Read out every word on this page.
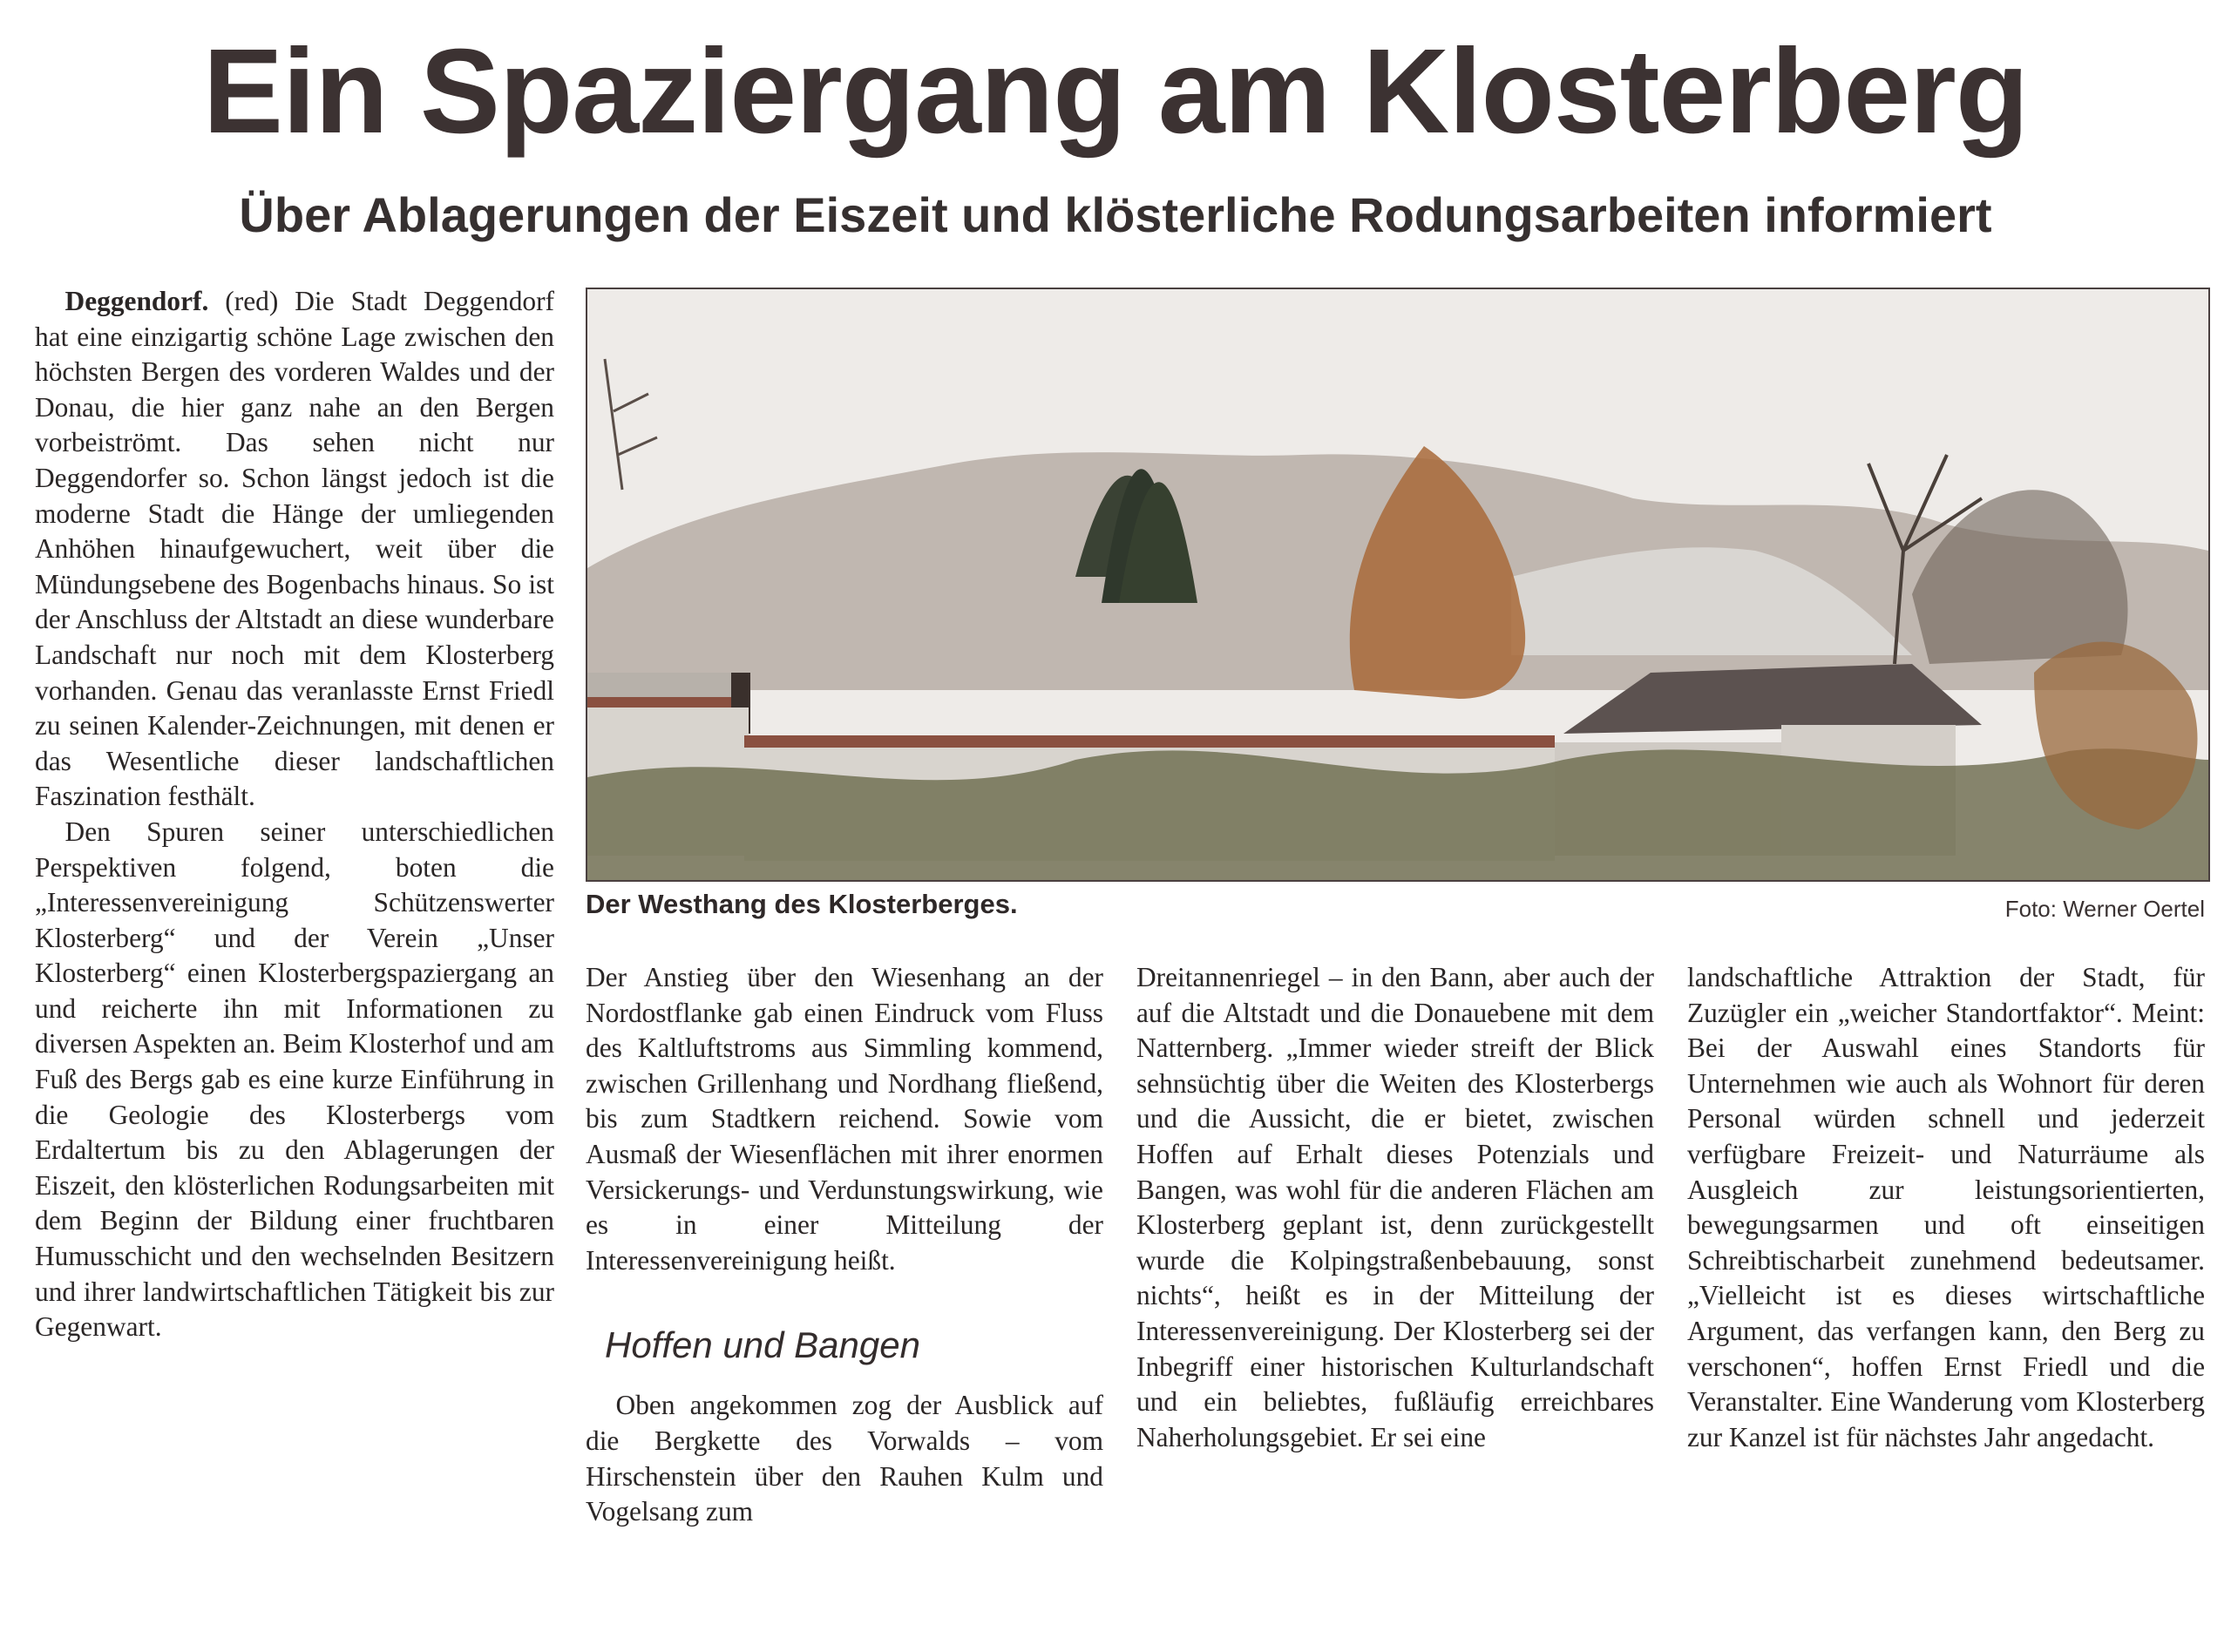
Ein Spaziergang am Klosterberg
Über Ablagerungen der Eiszeit und klösterliche Rodungsarbeiten informiert

Deggendorf. (red) Die Stadt Deggendorf hat eine einzigartig schöne Lage zwischen den höchsten Bergen des vorderen Waldes und der Donau, die hier ganz nahe an den Bergen vorbeiströmt. Das sehen nicht nur Deggendorfer so. Schon längst jedoch ist die moderne Stadt die Hänge der umliegenden Anhöhen hinaufgewuchert, weit über die Mündungsebene des Bogenbachs hinaus. So ist der Anschluss der Altstadt an diese wunderbare Landschaft nur noch mit dem Klosterberg vorhanden. Genau das veranlasste Ernst Friedl zu seinen Kalender-Zeichnungen, mit denen er das Wesentliche dieser landschaftlichen Faszination festhält.

Den Spuren seiner unterschiedlichen Perspektiven folgend, boten die „Interessenvereinigung Schützenswerter Klosterberg“ und der Verein „Unser Klosterberg“ einen Klosterbergspaziergang an und reicherte ihn mit Informationen zu diversen Aspekten an. Beim Klosterhof und am Fuß des Bergs gab es eine kurze Einführung in die Geologie des Klosterbergs vom Erdaltertum bis zu den Ablagerungen der Eiszeit, den klösterlichen Rodungsarbeiten mit dem Beginn der Bildung einer fruchtbaren Humusschicht und den wechselnden Besitzern und ihrer landwirtschaftlichen Tätigkeit bis zur Gegenwart.

Der Westhang des Klosterberges.	Foto: Werner Oertel

Der Anstieg über den Wiesenhang an der Nordostflanke gab einen Eindruck vom Fluss des Kaltluftstroms aus Simmling kommend, zwischen Grillenhang und Nordhang fließend, bis zum Stadtkern reichend. Sowie vom Ausmaß der Wiesenflächen mit ihrer enormen Versickerungs- und Verdunstungswirkung, wie es in einer Mitteilung der Interessenvereinigung heißt.

Hoffen und Bangen

Oben angekommen zog der Ausblick auf die Bergkette des Vorwalds – vom Hirschenstein über den Rauhen Kulm und Vogelsang zum

Dreitannenriegel – in den Bann, aber auch der auf die Altstadt und die Donauebene mit dem Natternberg. „Immer wieder streift der Blick sehnsüchtig über die Weiten des Klosterbergs und die Aussicht, die er bietet, zwischen Hoffen auf Erhalt dieses Potenzials und Bangen, was wohl für die anderen Flächen am Klosterberg geplant ist, denn zurückgestellt wurde die Kolpingstraßenbebauung, sonst nichts“, heißt es in der Mitteilung der Interessenvereinigung. Der Klosterberg sei der Inbegriff einer historischen Kulturlandschaft und ein beliebtes, fußläufig erreichbares Naherholungsgebiet. Er sei eine

landschaftliche Attraktion der Stadt, für Zuzügler ein „weicher Standortfaktor“. Meint: Bei der Auswahl eines Standorts für Unternehmen wie auch als Wohnort für deren Personal würden schnell und jederzeit verfügbare Freizeit- und Naturräume als Ausgleich zur leistungsorientierten, bewegungsarmen und oft einseitigen Schreibtischarbeit zunehmend bedeutsamer. „Vielleicht ist es dieses wirtschaftliche Argument, das verfangen kann, den Berg zu verschonen“, hoffen Ernst Friedl und die Veranstalter. Eine Wanderung vom Klosterberg zur Kanzel ist für nächstes Jahr angedacht.
